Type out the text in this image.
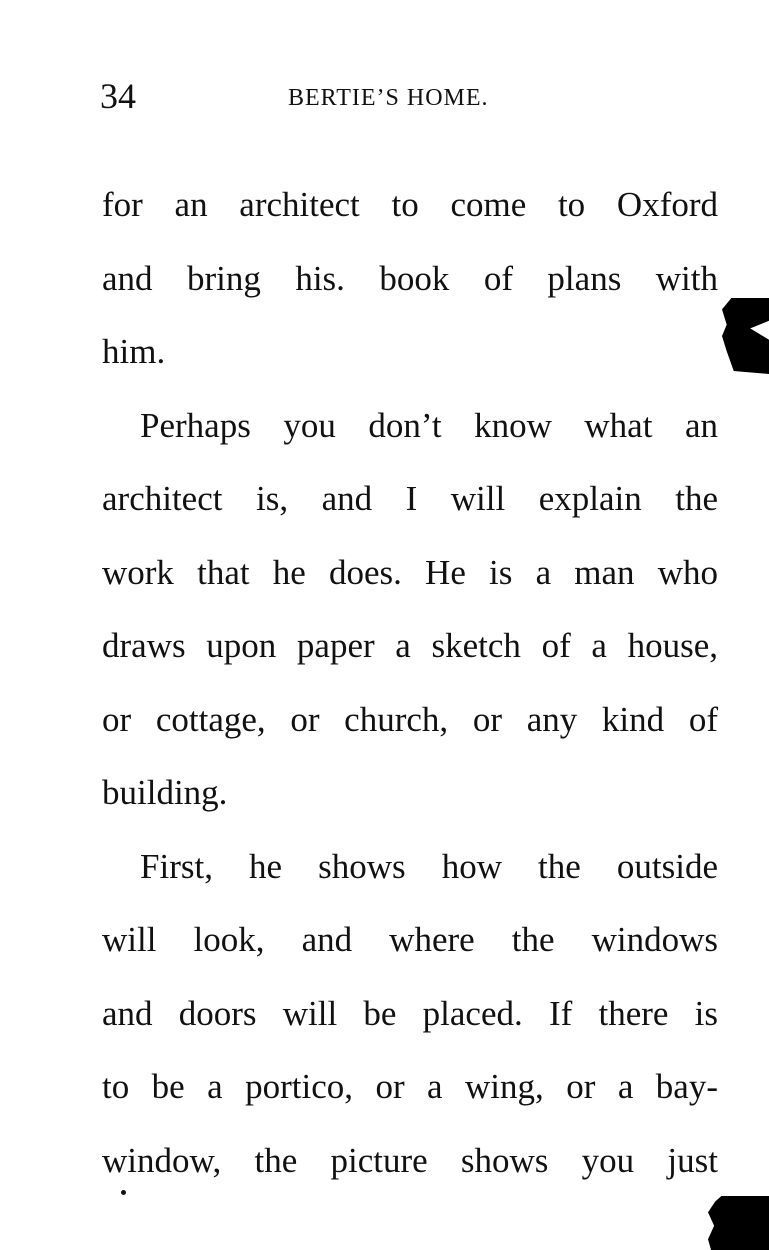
34	BERTIE’S HOME.
for an architect to come to Oxford
and bring his. book of plans with
him.
Perhaps you don’t know what an
architect is, and I will explain the
work that he does. He is a man who
draws upon paper a sketch of a house,
or cottage, or church, or any kind of
building.
First, he shows how the outside
will look, and where the windows
and doors will be placed. If there is
to be a portico, or a wing, or a bay-
window, the picture shows you just
